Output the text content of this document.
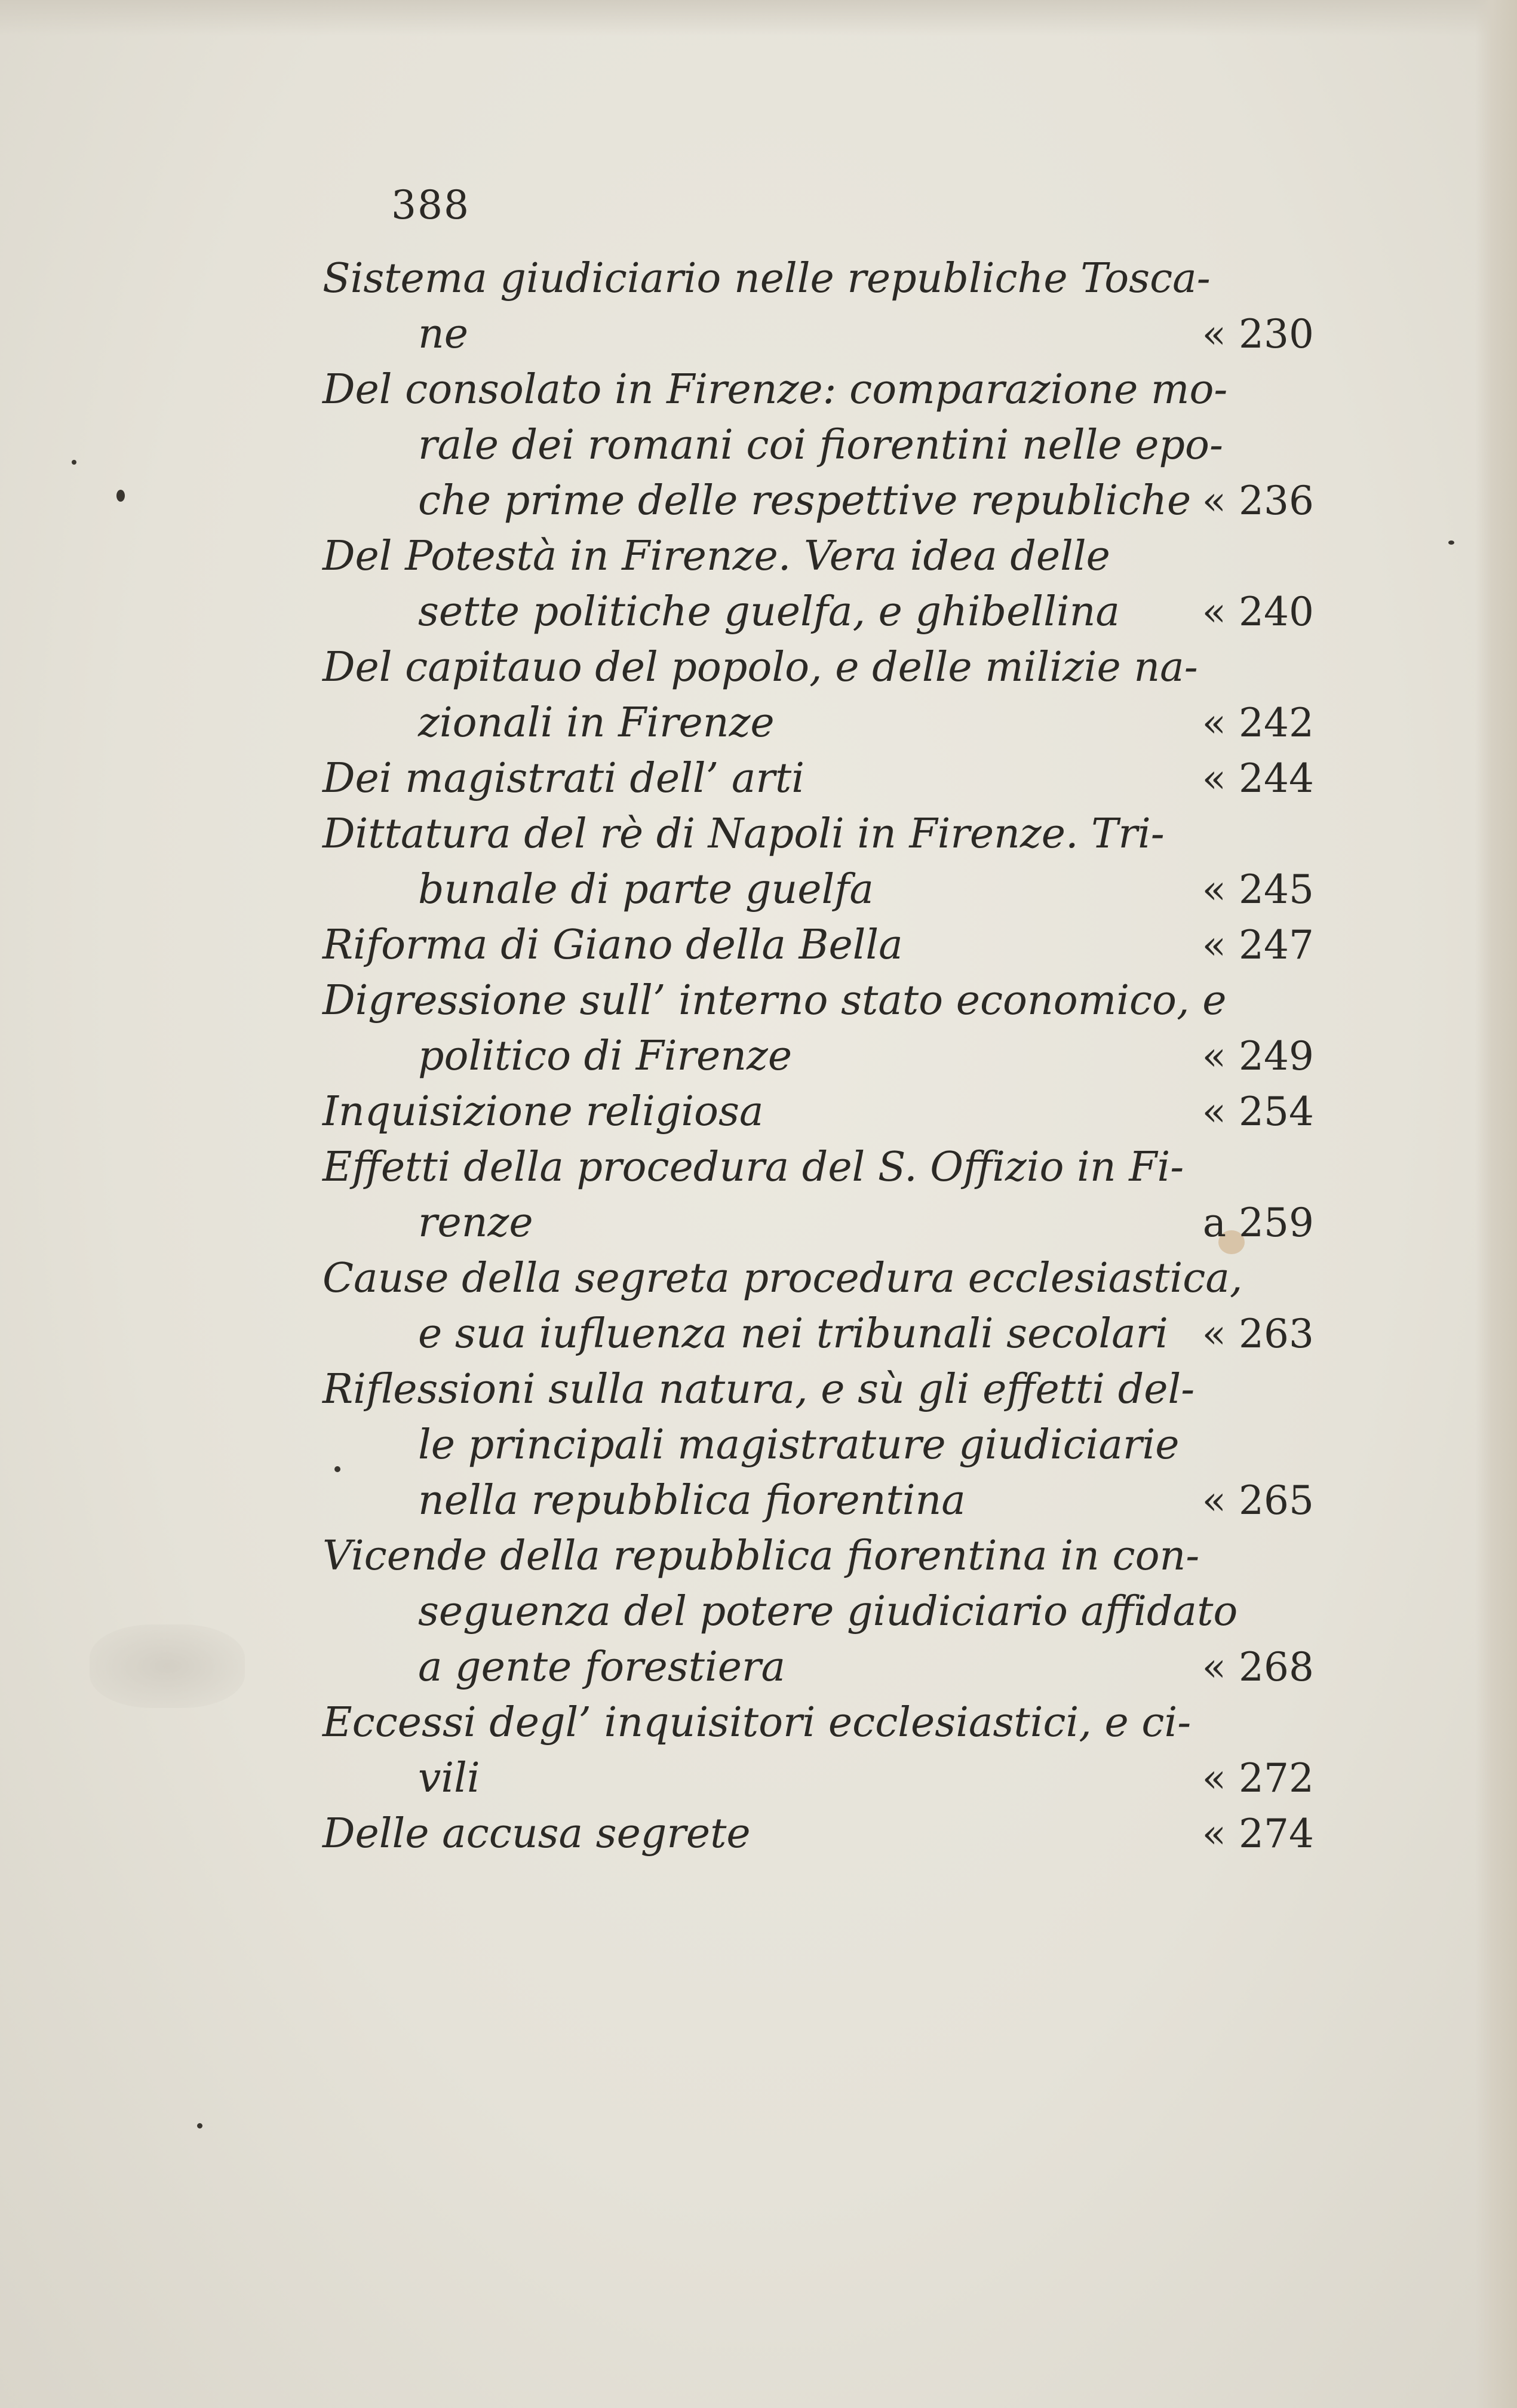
388
Sistema giudiciario nelle republiche Tosca-
ne	« 230
Del consolato in Firenze: comparazione mo-
rale dei romani coi fiorentini nelle epo-
che prime delle respettive republiche « 236
Del Potestà in Firenze. Vera idea delle
sette politiche guelfa, e ghibellina « 240
Del capitauo del popolo, e delle milizie na-
zionali in Firenze	« 242
Dei magistrati dell’ arti	« 244
Dittatura del rè di Napoli in Firenze. Tri-
bunale di parte guelfa	« 245
Riforma di Giano della Bella	« 247
Digressione sull’ interno stato economico, e
politico di Firenze	« 249
Inquisizione religiosa	« 254
Effetti della procedura del S. Offizio in Fi-
renze	a 259
Cause della segreta procedura ecclesiastica,
e sua iufluenza nei tribunali secolari « 263
Riflessioni sulla natura, e sù gli effetti del-
le principali magistrature giudiciarie
nella repubblica fiorentina	« 265
Vicende della repubblica fiorentina in con-
seguenza del potere giudiciario affidato
a gente forestiera	« 268
Eccessi degl’ inquisitori ecclesiastici, e ci-
vili	« 272
Delle accusa segrete	« 274
